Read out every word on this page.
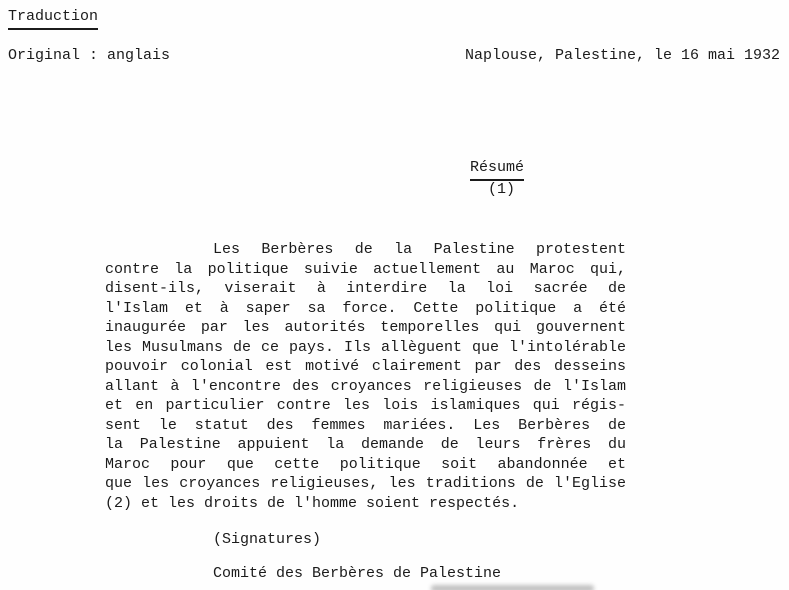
Traduction
Original : anglais	Naplouse, Palestine, le 16 mai 1932

Résumé
(1)

Les Berbères de la Palestine protestent
contre la politique suivie actuellement au Maroc qui,
disent-ils, viserait à interdire la loi sacrée de
l'Islam et à saper sa force. Cette politique a été
inaugurée par les autorités temporelles qui gouvernent
les Musulmans de ce pays. Ils allèguent que l'intolérable
pouvoir colonial est motivé clairement par des desseins
allant à l'encontre des croyances religieuses de l'Islam
et en particulier contre les lois islamiques qui régis-
sent le statut des femmes mariées. Les Berbères de
la Palestine appuient la demande de leurs frères du
Maroc pour que cette politique soit abandonnée et
que les croyances religieuses, les traditions de l'Eglise
(2) et les droits de l'homme soient respectés.
(Signatures)
Comité des Berbères de Palestine
